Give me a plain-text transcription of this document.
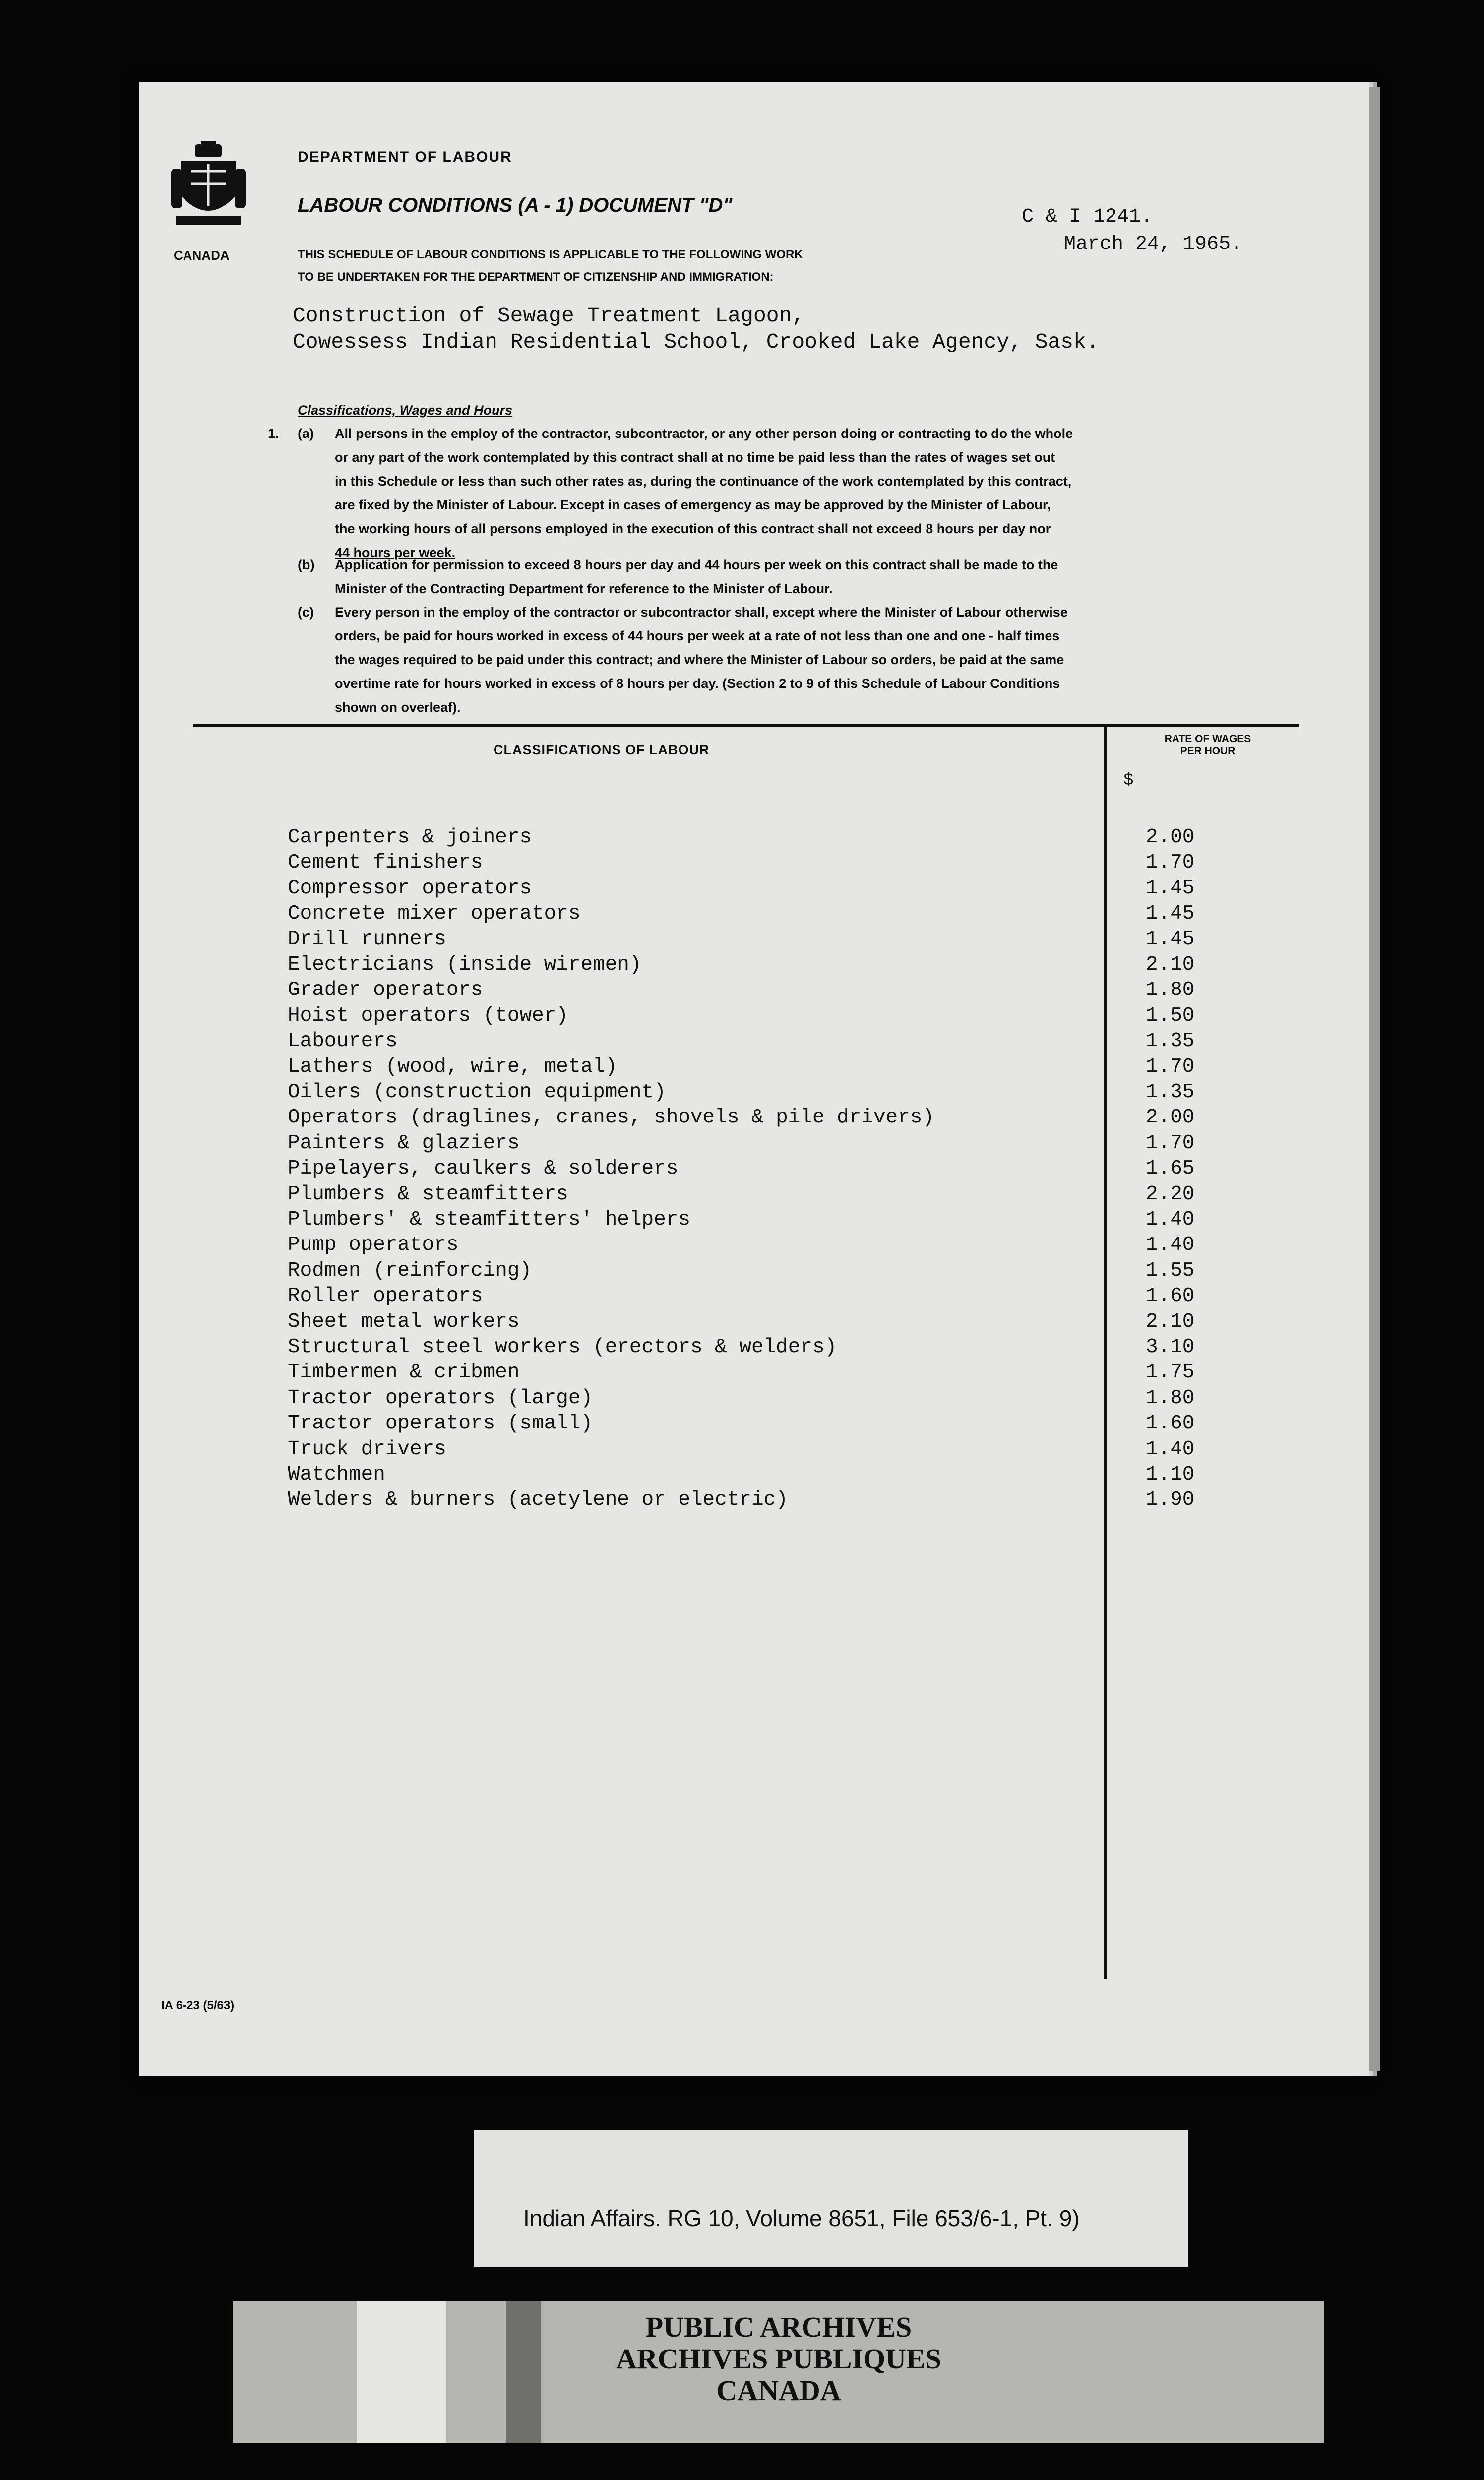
CANADA
DEPARTMENT OF LABOUR
LABOUR CONDITIONS (A - 1) DOCUMENT "D"
C & I 1241.
March 24, 1965.
THIS SCHEDULE OF LABOUR CONDITIONS IS APPLICABLE TO THE FOLLOWING WORK
TO BE UNDERTAKEN FOR THE DEPARTMENT OF CITIZENSHIP AND IMMIGRATION:
Construction of Sewage Treatment Lagoon,
Cowessess Indian Residential School, Crooked Lake Agency, Sask.
Classifications, Wages and Hours
1.	(a) All persons in the employ of the contractor, subcontractor, or any other person doing or contracting to do the whole
or any part of the work contemplated by this contract shall at no time be paid less than the rates of wages set out
in this Schedule or less than such other rates as, during the continuance of the work contemplated by this contract,
are fixed by the Minister of Labour. Except in cases of emergency as may be approved by the Minister of Labour,
the working hours of all persons employed in the execution of this contract shall not exceed 8 hours per day nor
44 hours per week.
(b) Application for permission to exceed 8 hours per day and 44 hours per week on this contract shall be made to the
Minister of the Contracting Department for reference to the Minister of Labour.
(c) Every person in the employ of the contractor or subcontractor shall, except where the Minister of Labour otherwise
orders, be paid for hours worked in excess of 44 hours per week at a rate of not less than one and one - half times
the wages required to be paid under this contract; and where the Minister of Labour so orders, be paid at the same
overtime rate for hours worked in excess of 8 hours per day. (Section 2 to 9 of this Schedule of Labour Conditions
shown on overleaf).
CLASSIFICATIONS OF LABOUR
RATE OF WAGES
PER HOUR
$
Carpenters & joiners	2.00
Cement finishers	1.70
Compressor operators	1.45
Concrete mixer operators	1.45
Drill runners	1.45
Electricians (inside wiremen)	2.10
Grader operators	1.80
Hoist operators (tower)	1.50
Labourers	1.35
Lathers (wood, wire, metal)	1.70
Oilers (construction equipment)	1.35
Operators (draglines, cranes, shovels & pile drivers)	2.00
Painters & glaziers	1.70
Pipelayers, caulkers & solderers	1.65
Plumbers & steamfitters	2.20
Plumbers' & steamfitters' helpers	1.40
Pump operators	1.40
Rodmen (reinforcing)	1.55
Roller operators	1.60
Sheet metal workers	2.10
Structural steel workers (erectors & welders)	3.10
Timbermen & cribmen	1.75
Tractor operators (large)	1.80
Tractor operators (small)	1.60
Truck drivers	1.40
Watchmen	1.10
Welders & burners (acetylene or electric)	1.90
IA 6-23 (5/63)
Indian Affairs. RG 10, Volume 8651, File 653/6-1, Pt. 9)
PUBLIC ARCHIVES
ARCHIVES PUBLIQUES
CANADA
